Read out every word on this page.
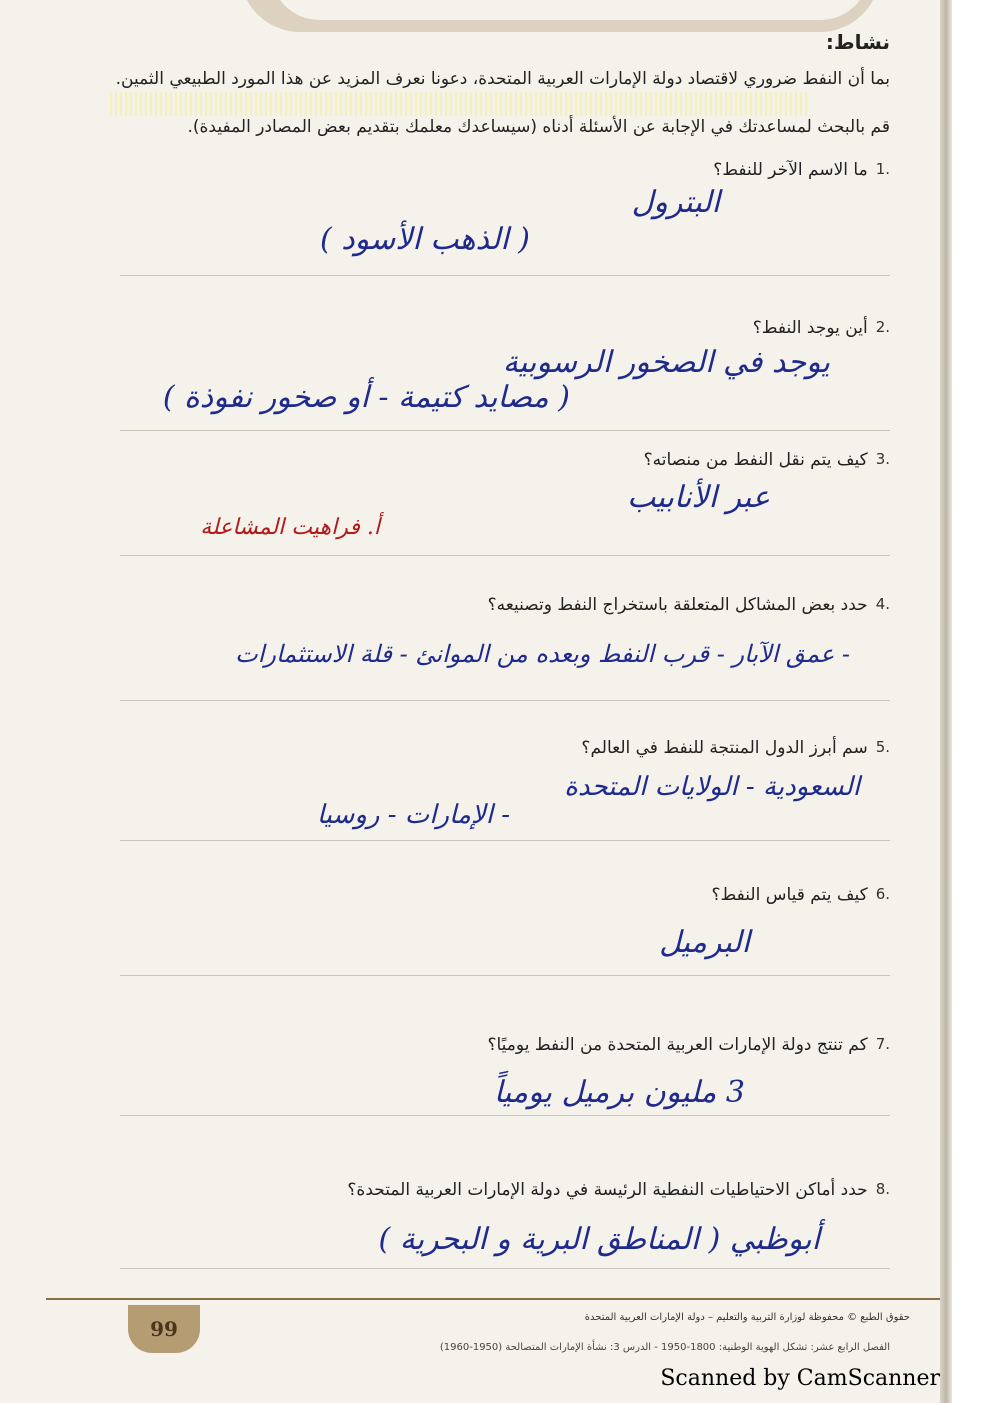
نشاط:
بما أن النفط ضروري لاقتصاد دولة الإمارات العربية المتحدة، دعونا نعرف المزيد عن هذا المورد الطبيعي الثمين.
قم بالبحث لمساعدتك في الإجابة عن الأسئلة أدناه (سيساعدك معلمك بتقديم بعض المصادر المفيدة).
1.
ما الاسم الآخر للنفط؟
البترول
( الذهب الأسود )
2.
أين يوجد النفط؟
يوجد في الصخور الرسوبية
( مصايد كتيمة - أو صخور نفوذة )
3.
كيف يتم نقل النفط من منصاته؟
عبر الأنابيب
أ. فراهيت المشاعلة
4.
حدد بعض المشاكل المتعلقة باستخراج النفط وتصنيعه؟
- عمق الآبار - قرب النفط وبعده من الموانئ - قلة الاستثمارات
5.
سم أبرز الدول المنتجة للنفط في العالم؟
السعودية - الولايات المتحدة
- الإمارات - روسيا
6.
كيف يتم قياس النفط؟
البرميل
7.
كم تنتج دولة الإمارات العربية المتحدة من النفط يوميًا؟
3 مليون برميل يومياً
8.
حدد أماكن الاحتياطيات النفطية الرئيسة في دولة الإمارات العربية المتحدة؟
أبوظبي ( المناطق البرية و البحرية )
99	حقوق الطبع © محفوظة لوزارة التربية والتعليم – دولة الإمارات العربية المتحدة
الفصل الرابع عشر: تشكل الهوية الوطنية: 1800-1950 - الدرس 3: نشأة الإمارات المتصالحة (1950-1960)
Scanned by CamScanner
